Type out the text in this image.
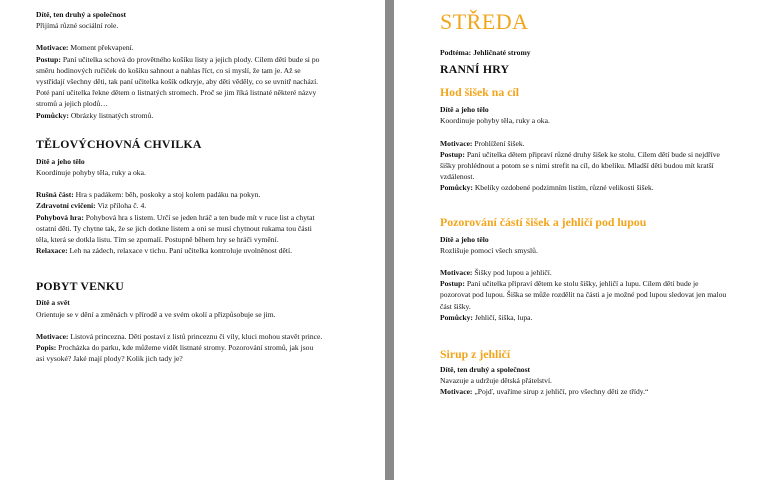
Dítě, ten druhý a společnost

Přijímá různé sociální role.

Motivace: Moment překvapení.

Postup: Paní učitelka schová do provětného košíku listy a jejich plody. Cílem dětí bude si po

směru hodinových ručiček do košíku sahnout a nahlas říct, co si myslí, že tam je. Až se

vystřídají všechny děti, tak paní učitelka košík odkryje, aby děti věděly, co se uvnitř nachází.

Poté paní učitelka řekne dětem o listnatých stromech. Proč se jim říká listnaté některé názvy

stromů a jejich plodů…

Pomůcky: Obrázky listnatých stromů.

TĚLOVÝCHOVNÁ CHVILKA

Dítě a jeho tělo

Koordinuje pohyby těla, ruky a oka.

Rušná část: Hra s padákem: běh, poskoky a stoj kolem padáku na pokyn.

Zdravotní cvičení: Viz příloha č. 4.

Pohybová hra: Pohybová hra s listem. Určí se jeden hráč a ten bude mít v ruce list a chytat

ostatní děti. Ty chytne tak, že se jich dotkne listem a oni se musí chytnout rukama tou části

těla, která se dotkla listu. Tím se zpomalí. Postupně během hry se hráči vymění.

Relaxace: Leh na zádech, relaxace v tichu. Paní učitelka kontroluje uvolněnost dětí.

POBYT VENKU

Dítě a svět

Orientuje se v dění a změnách v přírodě a ve svém okolí a přizpůsobuje se jim.

Motivace: Listová princezna. Děti postaví z listů princeznu či víly, kluci mohou stavět prince.

Popis: Procházka do parku, kde můžeme vidět listnaté stromy. Pozorování stromů, jak jsou

asi vysoké? Jaké mají plody? Kolik jich tady je?

STŘEDA

Podtéma: Jehličnaté stromy

RANNÍ HRY
Hod šišek na cíl

Dítě a jeho tělo

Koordinuje pohyby těla, ruky a oka.

Motivace: Prohlížení šišek.

Postup: Paní učitelka dětem připraví různé druhy šišek ke stolu. Cílem dětí bude si nejdříve

šišky prohlédnout a potom se s nimi strefit na cíl, do kbelíku. Mladší děti budou mít kratší

vzdálenost.

Pomůcky: Kbelíky ozdobené podzimním listím, různé velikosti šišek.

Pozorování částí šišek a jehličí pod lupou

Dítě a jeho tělo

Rozlišuje pomocí všech smyslů.

Motivace: Šišky pod lupou a jehličí.

Postup: Paní učitelka připraví dětem ke stolu šišky, jehličí a lupu. Cílem dětí bude je

pozorovat pod lupou. Šiška se může rozdělit na části a je možné pod lupou sledovat jen malou

část šišky.

Pomůcky: Jehličí, šiška, lupa.

Sirup z jehličí

Dítě, ten druhý a společnost

Navazuje a udržuje dětská přátelství.

Motivace: „Pojď, uvaříme sirup z jehličí, pro všechny děti ze třídy.“
